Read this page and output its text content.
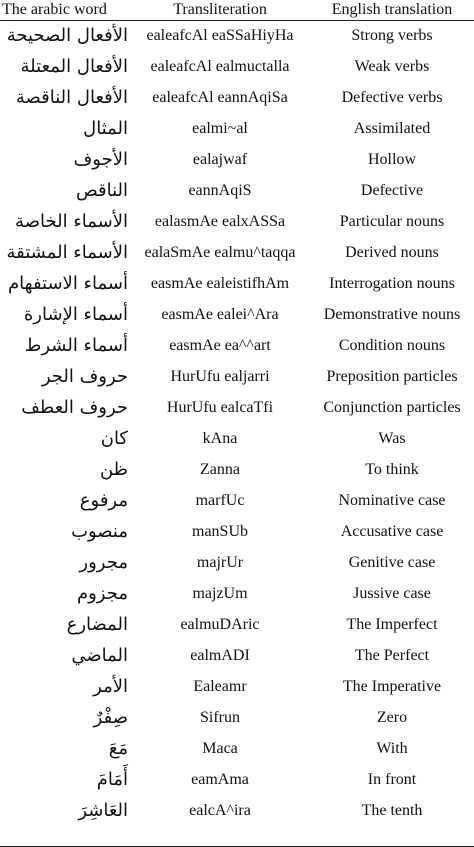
The arabic word	Transliteration	English translation
الأفعال الصحيحة	ealeafcAl eaSSaHiyHa	Strong verbs
الأفعال المعتلة	ealeafcAl ealmuctalla	Weak verbs
الأفعال الناقصة	ealeafcAl eannAqiSa	Defective verbs
المثال	ealmi~al	Assimilated
الأجوف	ealajwaf	Hollow
الناقص	eannAqiS	Defective
الأسماء الخاصة	ealasmAe ealxASSa	Particular nouns
الأسماء المشتقة	ealaSmAe ealmu^taqqa	Derived nouns
أسماء الاستفهام	easmAe ealeistifhAm	Interrogation nouns
أسماء الإشارة	easmAe ealei^Ara	Demonstrative nouns
أسماء الشرط	easmAe ea^^art	Condition nouns
حروف الجر	HurUfu ealjarri	Preposition particles
حروف العطف	HurUfu ealcaTfi	Conjunction particles
كان	kAna	Was
ظن	Zanna	To think
مرفوع	marfUc	Nominative case
منصوب	manSUb	Accusative case
مجرور	majrUr	Genitive case
مجزوم	majzUm	Jussive case
المضارع	ealmuDAric	The Imperfect
الماضي	ealmADI	The Perfect
الأمر	Ealeamr	The Imperative
صِفْرٌ	Sifrun	Zero
مَعَ	Maca	With
أَمَامَ	eamAma	In front
العَاشِرَ	ealcA^ira	The tenth
